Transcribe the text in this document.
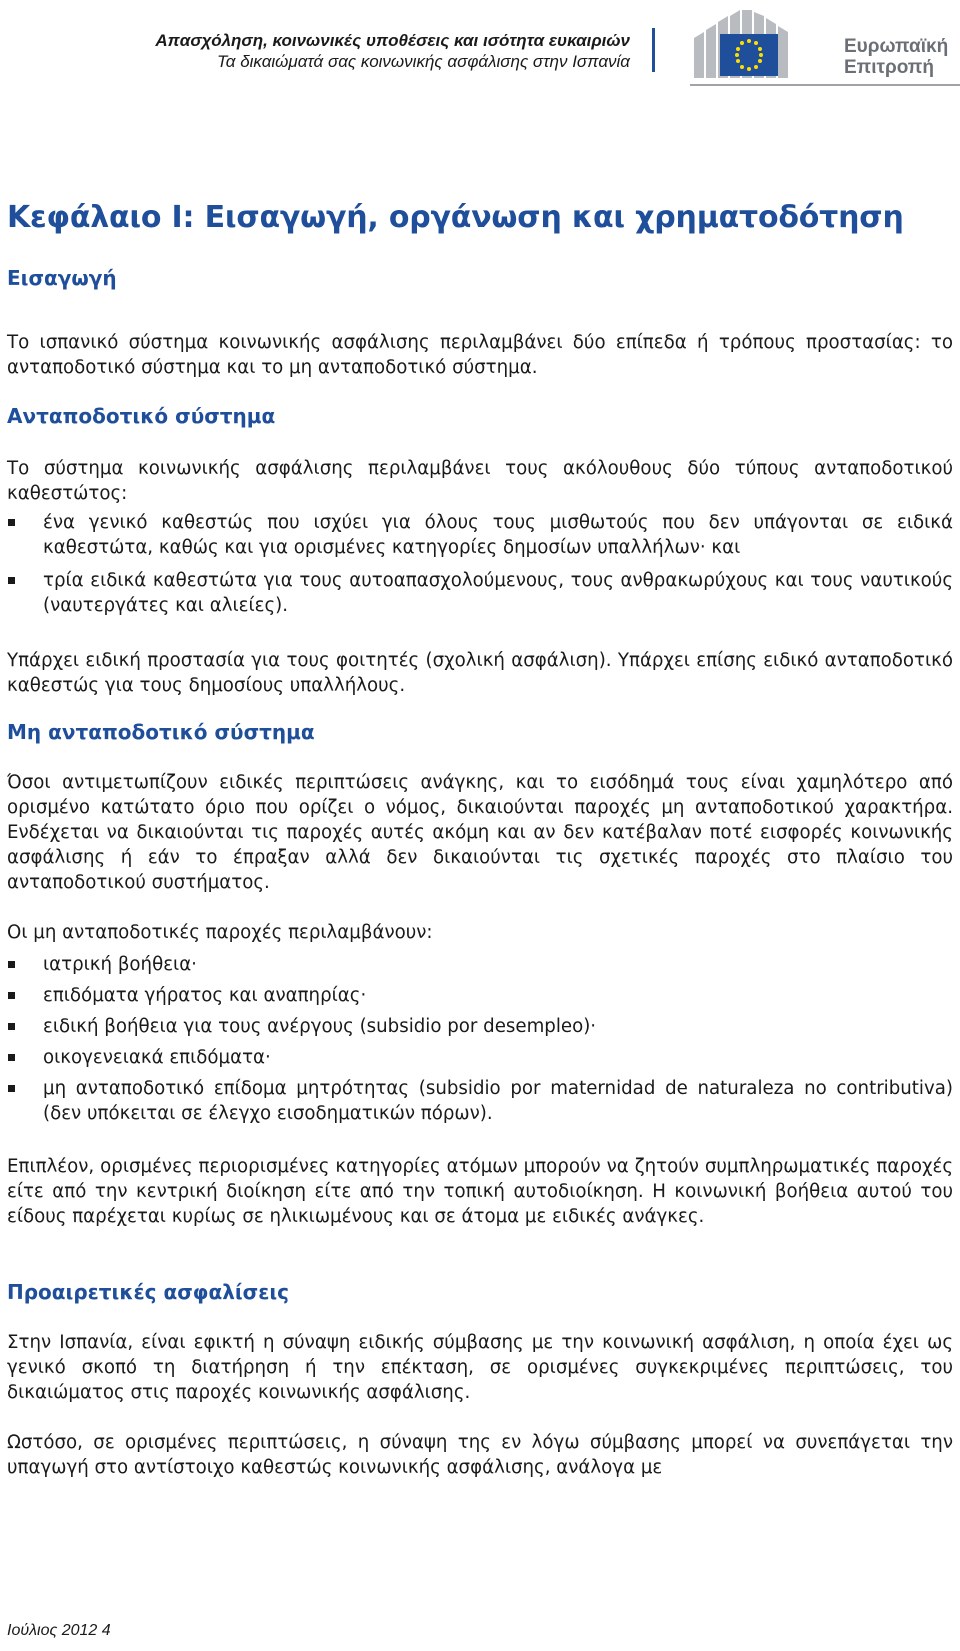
Απασχόληση, κοινωνικές υποθέσεις και ισότητα ευκαιριών
Τα δικαιώματά σας κοινωνικής ασφάλισης στην Ισπανία
Ευρωπαϊκή
Επιτροπή
Κεφάλαιο I: Εισαγωγή, οργάνωση και χρηματοδότηση
Εισαγωγή

Το ισπανικό σύστημα κοινωνικής ασφάλισης περιλαμβάνει δύο επίπεδα ή τρόπους προστασίας: το ανταποδοτικό σύστημα και το μη ανταποδοτικό σύστημα.

Ανταποδοτικό σύστημα

Το σύστημα κοινωνικής ασφάλισης περιλαμβάνει τους ακόλουθους δύο τύπους ανταποδοτικού καθεστώτος:

ένα γενικό καθεστώς που ισχύει για όλους τους μισθωτούς που δεν υπάγονται σε ειδικά καθεστώτα, καθώς και για ορισμένες κατηγορίες δημοσίων υπαλλήλων· και
τρία ειδικά καθεστώτα για τους αυτοαπασχολούμενους, τους ανθρακωρύχους και τους ναυτικούς (ναυτεργάτες και αλιείες).

Υπάρχει ειδική προστασία για τους φοιτητές (σχολική ασφάλιση). Υπάρχει επίσης ειδικό ανταποδοτικό καθεστώς για τους δημοσίους υπαλλήλους.

Μη ανταποδοτικό σύστημα

Όσοι αντιμετωπίζουν ειδικές περιπτώσεις ανάγκης, και το εισόδημά τους είναι χαμηλότερο από ορισμένο κατώτατο όριο που ορίζει ο νόμος, δικαιούνται παροχές μη ανταποδοτικού χαρακτήρα. Ενδέχεται να δικαιούνται τις παροχές αυτές ακόμη και αν δεν κατέβαλαν ποτέ εισφορές κοινωνικής ασφάλισης ή εάν το έπραξαν αλλά δεν δικαιούνται τις σχετικές παροχές στο πλαίσιο του ανταποδοτικού συστήματος.

Οι μη ανταποδοτικές παροχές περιλαμβάνουν:

ιατρική βοήθεια·
επιδόματα γήρατος και αναπηρίας·
ειδική βοήθεια για τους ανέργους (subsidio por desempleo)·
οικογενειακά επιδόματα·
μη ανταποδοτικό επίδομα μητρότητας (subsidio por maternidad de naturaleza no contributiva) (δεν υπόκειται σε έλεγχο εισοδηματικών πόρων).

Επιπλέον, ορισμένες περιορισμένες κατηγορίες ατόμων μπορούν να ζητούν συμπληρωματικές παροχές είτε από την κεντρική διοίκηση είτε από την τοπική αυτοδιοίκηση. Η κοινωνική βοήθεια αυτού του είδους παρέχεται κυρίως σε ηλικιωμένους και σε άτομα με ειδικές ανάγκες.

Προαιρετικές ασφαλίσεις

Στην Ισπανία, είναι εφικτή η σύναψη ειδικής σύμβασης με την κοινωνική ασφάλιση, η οποία έχει ως γενικό σκοπό τη διατήρηση ή την επέκταση, σε ορισμένες συγκεκριμένες περιπτώσεις, του δικαιώματος στις παροχές κοινωνικής ασφάλισης.

Ωστόσο, σε ορισμένες περιπτώσεις, η σύναψη της εν λόγω σύμβασης μπορεί να συνεπάγεται την υπαγωγή στο αντίστοιχο καθεστώς κοινωνικής ασφάλισης, ανάλογα με

Ιούλιος 2012 4
